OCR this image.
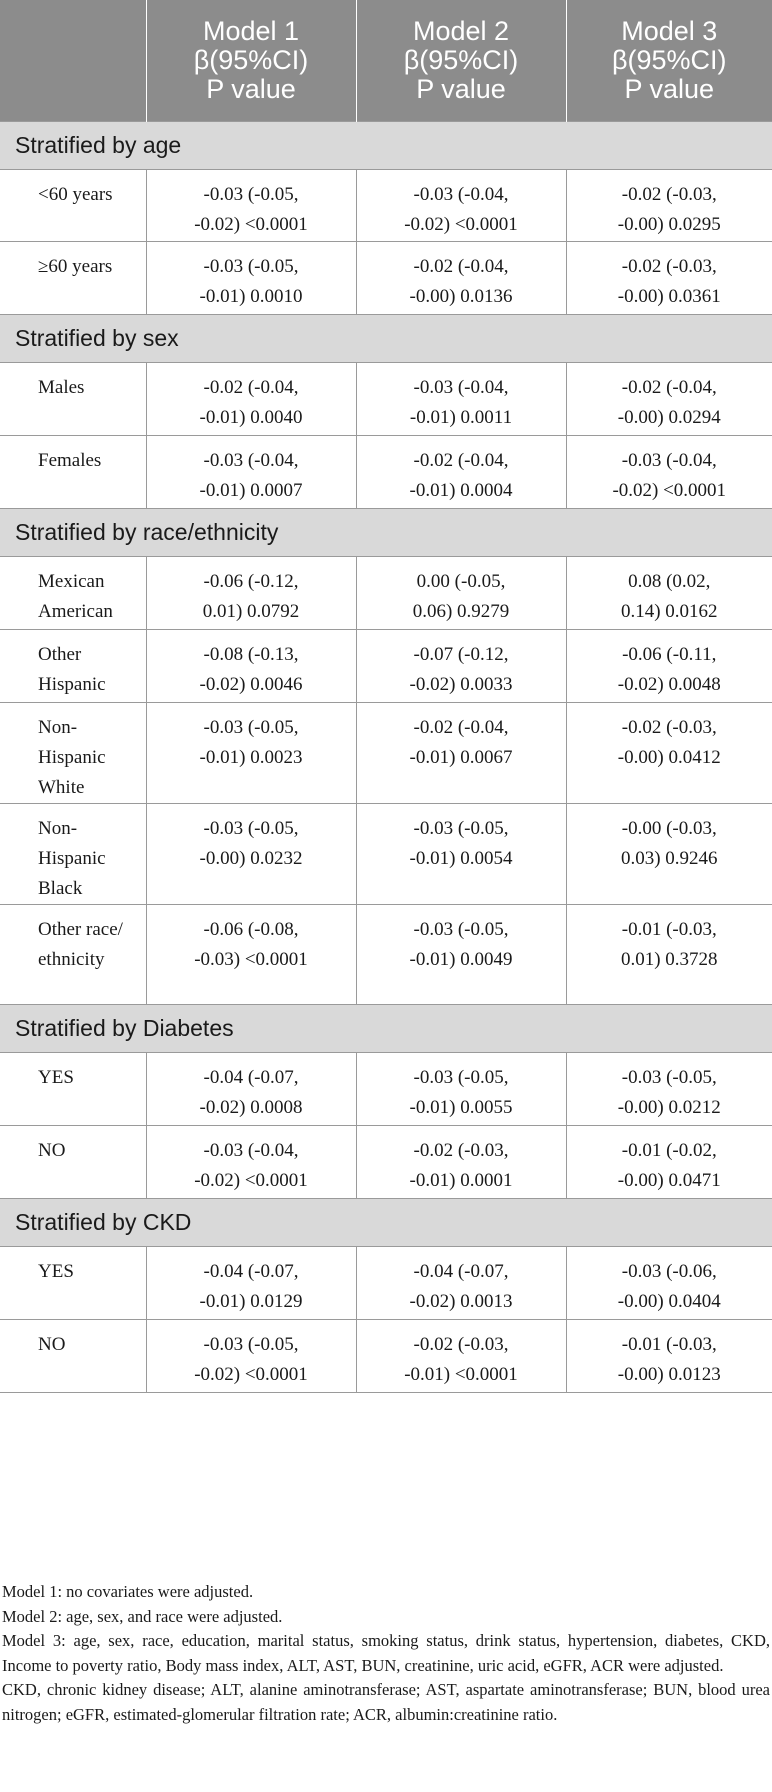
	Model 1
β(95%CI)
P value	Model 2
β(95%CI)
P value	Model 3
β(95%CI)
P value

Stratified by age			
<60 years	-0.03 (-0.05,
-0.02) <0.0001	-0.03 (-0.04,
-0.02) <0.0001	-0.02 (-0.03,
-0.00) 0.0295

≥60 years	-0.03 (-0.05,
-0.01) 0.0010	-0.02 (-0.04,
-0.00) 0.0136	-0.02 (-0.03,
-0.00) 0.0361

Stratified by sex			
Males	-0.02 (-0.04,
-0.01) 0.0040	-0.03 (-0.04,
-0.01) 0.0011	-0.02 (-0.04,
-0.00) 0.0294

Females	-0.03 (-0.04,
-0.01) 0.0007	-0.02 (-0.04,
-0.01) 0.0004	-0.03 (-0.04,
-0.02) <0.0001

Stratified by race/ethnicity			
Mexican American	-0.06 (-0.12,
0.01) 0.0792	0.00 (-0.05,
0.06) 0.9279	0.08 (0.02,
0.14) 0.0162

Other Hispanic	-0.08 (-0.13,
-0.02) 0.0046	-0.07 (-0.12,
-0.02) 0.0033	-0.06 (-0.11,
-0.02) 0.0048

Non-Hispanic White	-0.03 (-0.05,
-0.01) 0.0023	-0.02 (-0.04,
-0.01) 0.0067	-0.02 (-0.03,
-0.00) 0.0412

Non-Hispanic Black	-0.03 (-0.05,
-0.00) 0.0232	-0.03 (-0.05,
-0.01) 0.0054	-0.00 (-0.03,
0.03) 0.9246

Other race/ ethnicity	-0.06 (-0.08,
-0.03) <0.0001	-0.03 (-0.05,
-0.01) 0.0049	-0.01 (-0.03,
0.01) 0.3728

Stratified by Diabetes			
YES	-0.04 (-0.07,
-0.02) 0.0008	-0.03 (-0.05,
-0.01) 0.0055	-0.03 (-0.05,
-0.00) 0.0212

NO	-0.03 (-0.04,
-0.02) <0.0001	-0.02 (-0.03,
-0.01) 0.0001	-0.01 (-0.02,
-0.00) 0.0471

Stratified by CKD			
YES	-0.04 (-0.07,
-0.01) 0.0129	-0.04 (-0.07,
-0.02) 0.0013	-0.03 (-0.06,
-0.00) 0.0404

NO	-0.03 (-0.05,
-0.02) <0.0001	-0.02 (-0.03,
-0.01) <0.0001	-0.01 (-0.03,
-0.00) 0.0123

Model 1: no covariates were adjusted.

Model 2: age, sex, and race were adjusted.

Model 3: age, sex, race, education, marital status, smoking status, drink status, hypertension, diabetes, CKD, Income to poverty ratio, Body mass index, ALT, AST, BUN, creatinine, uric acid, eGFR, ACR were adjusted.

CKD, chronic kidney disease; ALT, alanine aminotransferase; AST, aspartate aminotransferase; BUN, blood urea nitrogen; eGFR, estimated-glomerular filtration rate; ACR, albumin:creatinine ratio.
